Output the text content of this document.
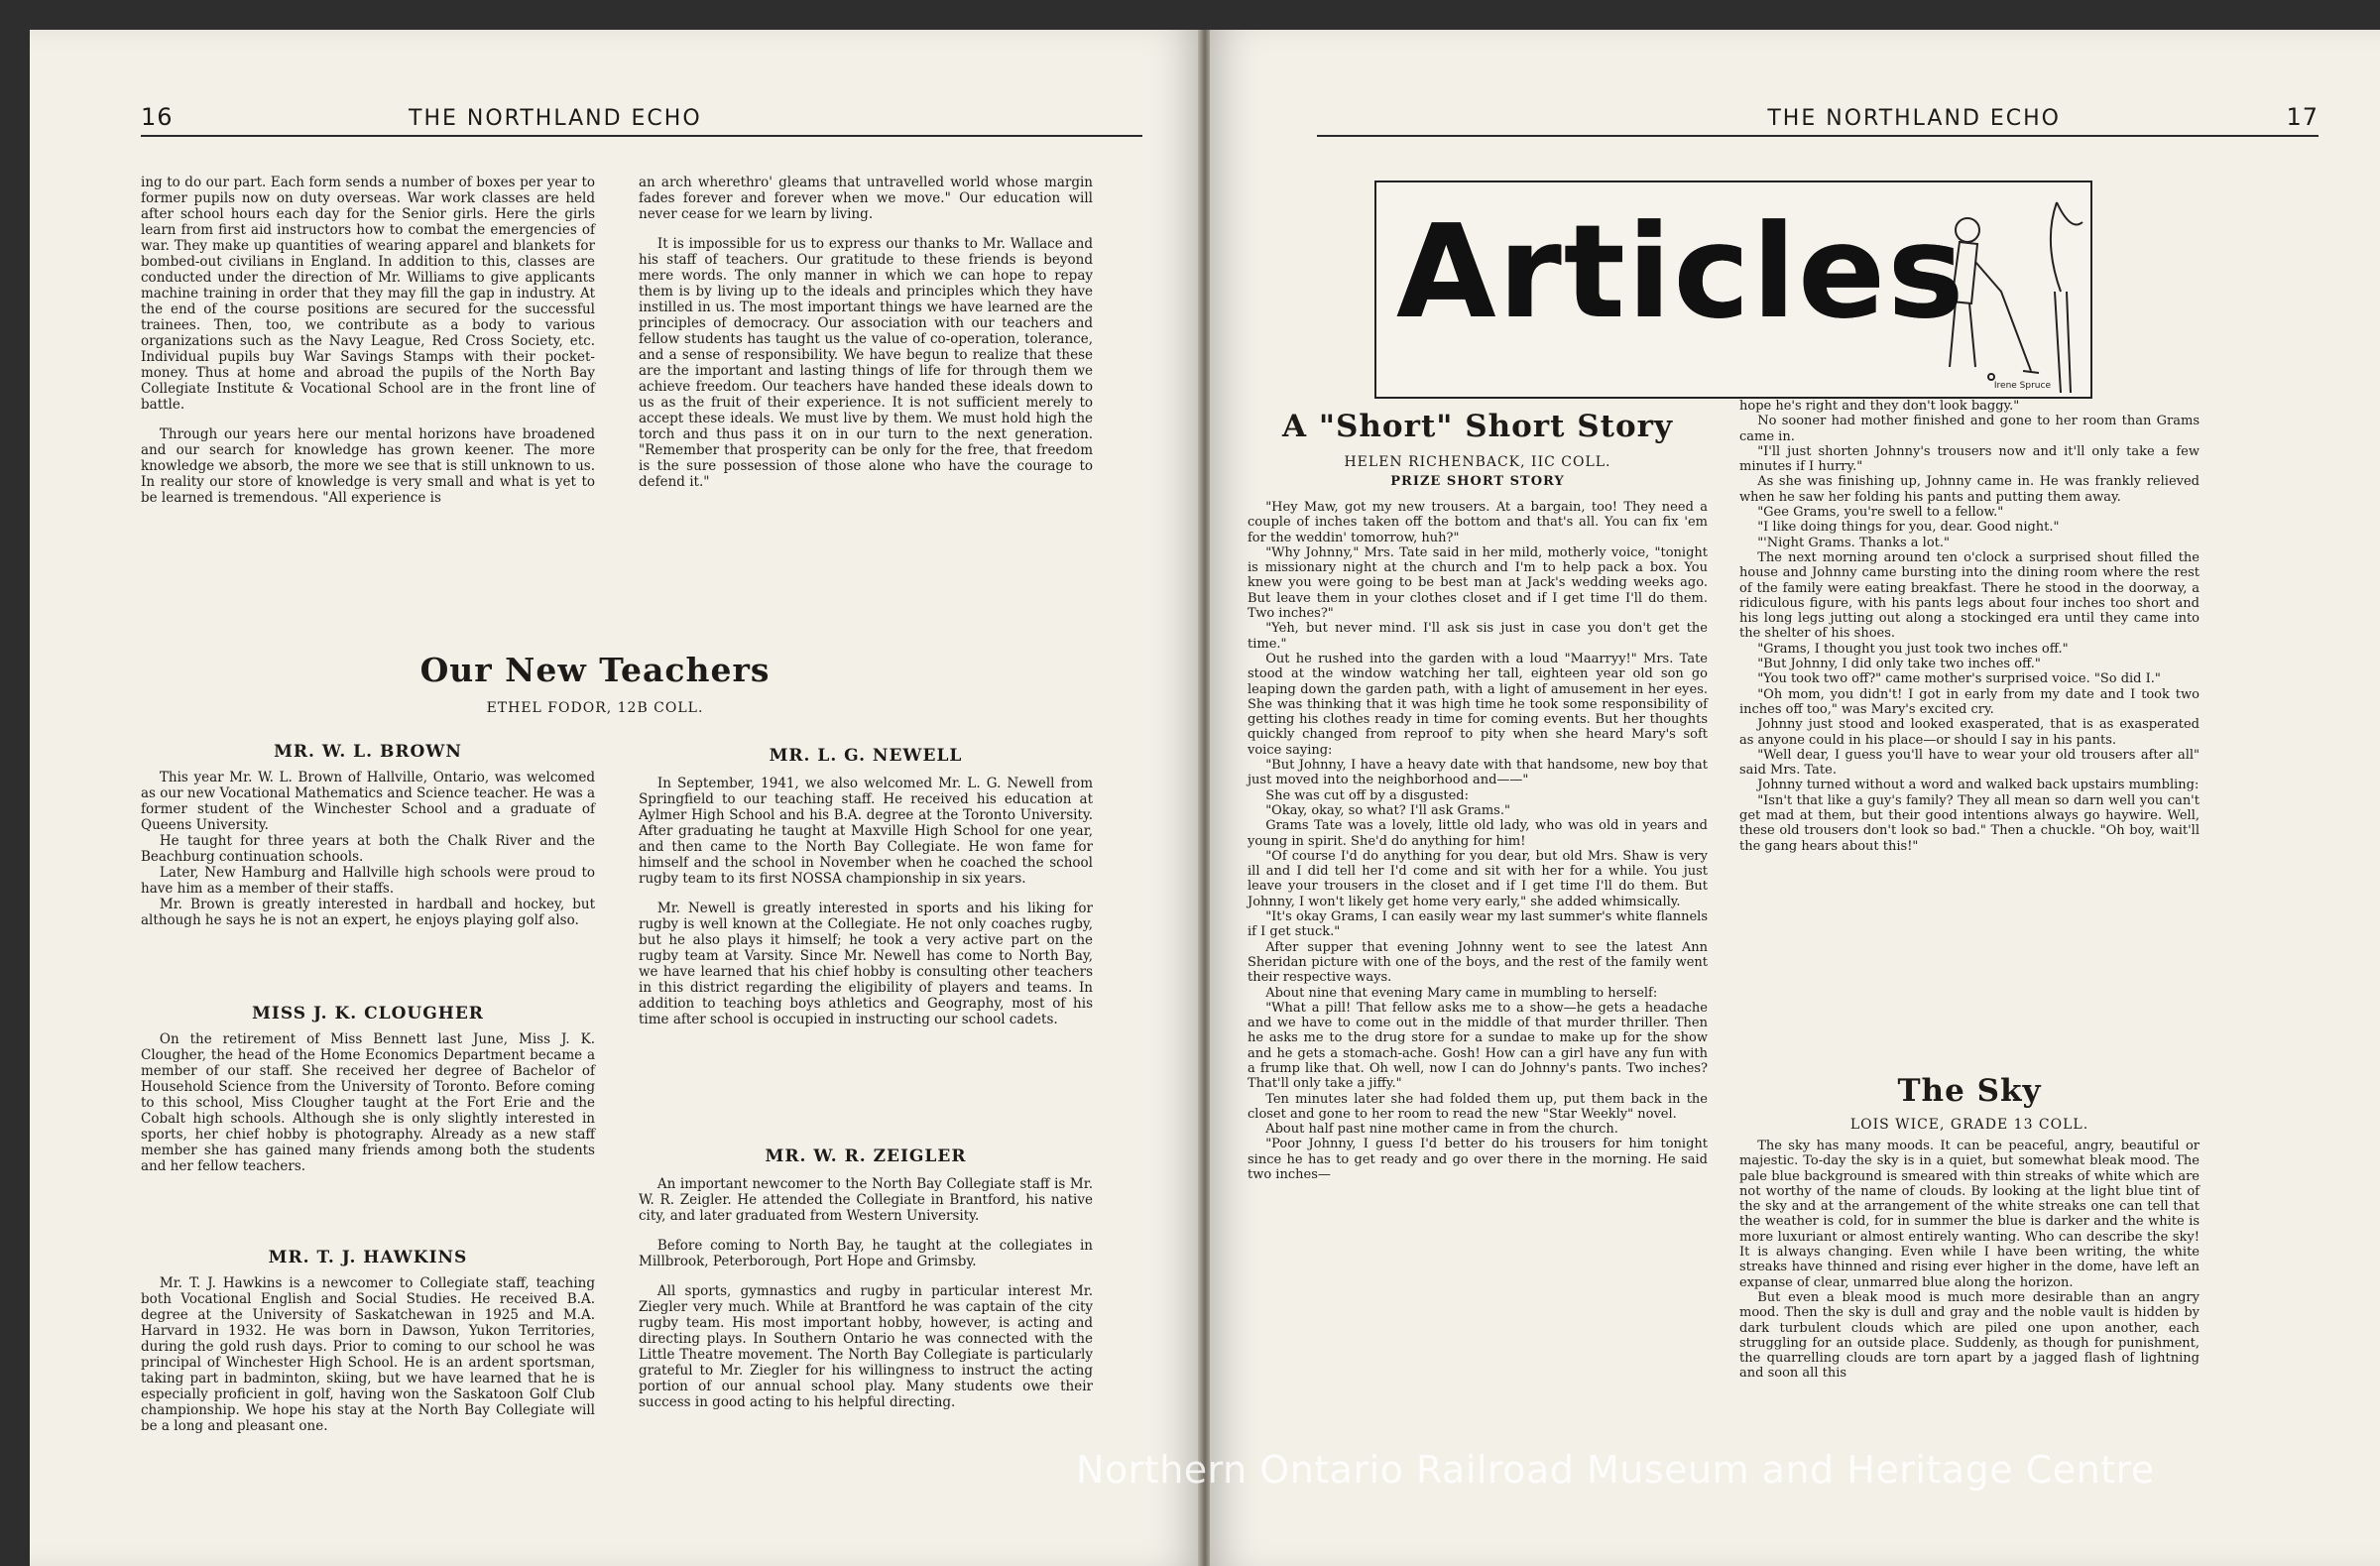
16	THE NORTHLAND ECHO

ing to do our part. Each form sends a number of boxes per year to former pupils now on duty overseas. War work classes are held after school hours each day for the Senior girls. Here the girls learn from first aid instructors how to combat the emergencies of war. They make up quantities of wearing apparel and blankets for bombed-out civilians in England. In addition to this, classes are conducted under the direction of Mr. Williams to give applicants machine training in order that they may fill the gap in industry. At the end of the course positions are secured for the successful trainees. Then, too, we contribute as a body to various organizations such as the Navy League, Red Cross Society, etc. Individual pupils buy War Savings Stamps with their pocket-money. Thus at home and abroad the pupils of the North Bay Collegiate Institute & Vocational School are in the front line of battle.

Through our years here our mental horizons have broadened and our search for knowledge has grown keener. The more knowledge we absorb, the more we see that is still unknown to us. In reality our store of knowledge is very small and what is yet to be learned is tremendous. "All experience is

an arch wherethro' gleams that untravelled world whose margin fades forever and forever when we move." Our education will never cease for we learn by living.

It is impossible for us to express our thanks to Mr. Wallace and his staff of teachers. Our gratitude to these friends is beyond mere words. The only manner in which we can hope to repay them is by living up to the ideals and principles which they have instilled in us. The most important things we have learned are the principles of democracy. Our association with our teachers and fellow students has taught us the value of co-operation, tolerance, and a sense of responsibility. We have begun to realize that these are the important and lasting things of life for through them we achieve freedom. Our teachers have handed these ideals down to us as the fruit of their experience. It is not sufficient merely to accept these ideals. We must live by them. We must hold high the torch and thus pass it on in our turn to the next generation. "Remember that prosperity can be only for the free, that freedom is the sure possession of those alone who have the courage to defend it."

Our New Teachers
ETHEL FODOR, 12B COLL.
MR. W. L. BROWN

This year Mr. W. L. Brown of Hallville, Ontario, was welcomed as our new Vocational Mathematics and Science teacher. He was a former student of the Winchester School and a graduate of Queens University.

He taught for three years at both the Chalk River and the Beachburg continuation schools.

Later, New Hamburg and Hallville high schools were proud to have him as a member of their staffs.

Mr. Brown is greatly interested in hardball and hockey, but although he says he is not an expert, he enjoys playing golf also.

MISS J. K. CLOUGHER

On the retirement of Miss Bennett last June, Miss J. K. Clougher, the head of the Home Economics Department became a member of our staff. She received her degree of Bachelor of Household Science from the University of Toronto. Before coming to this school, Miss Clougher taught at the Fort Erie and the Cobalt high schools. Although she is only slightly interested in sports, her chief hobby is photography. Already as a new staff member she has gained many friends among both the students and her fellow teachers.

MR. T. J. HAWKINS

Mr. T. J. Hawkins is a newcomer to Collegiate staff, teaching both Vocational English and Social Studies. He received B.A. degree at the University of Saskatchewan in 1925 and M.A. Harvard in 1932. He was born in Dawson, Yukon Territories, during the gold rush days. Prior to coming to our school he was principal of Winchester High School. He is an ardent sportsman, taking part in badminton, skiing, but we have learned that he is especially proficient in golf, having won the Saskatoon Golf Club championship. We hope his stay at the North Bay Collegiate will be a long and pleasant one.

MR. L. G. NEWELL

In September, 1941, we also welcomed Mr. L. G. Newell from Springfield to our teaching staff. He received his education at Aylmer High School and his B.A. degree at the Toronto University. After graduating he taught at Maxville High School for one year, and then came to the North Bay Collegiate. He won fame for himself and the school in November when he coached the school rugby team to its first NOSSA championship in six years.

Mr. Newell is greatly interested in sports and his liking for rugby is well known at the Collegiate. He not only coaches rugby, but he also plays it himself; he took a very active part on the rugby team at Varsity. Since Mr. Newell has come to North Bay, we have learned that his chief hobby is consulting other teachers in this district regarding the eligibility of players and teams. In addition to teaching boys athletics and Geography, most of his time after school is occupied in instructing our school cadets.

MR. W. R. ZEIGLER

An important newcomer to the North Bay Collegiate staff is Mr. W. R. Zeigler. He attended the Collegiate in Brantford, his native city, and later graduated from Western University.

Before coming to North Bay, he taught at the collegiates in Millbrook, Peterborough, Port Hope and Grimsby.

All sports, gymnastics and rugby in particular interest Mr. Ziegler very much. While at Brantford he was captain of the city rugby team. His most important hobby, however, is acting and directing plays. In Southern Ontario he was connected with the Little Theatre movement. The North Bay Collegiate is particularly grateful to Mr. Ziegler for his willingness to instruct the acting portion of our annual school play. Many students owe their success in good acting to his helpful directing.

THE NORTHLAND ECHO	17
Articles
Irene Spruce
A "Short" Short Story
HELEN RICHENBACK, IIC COLL.
PRIZE SHORT STORY

"Hey Maw, got my new trousers. At a bargain, too! They need a couple of inches taken off the bottom and that's all. You can fix 'em for the weddin' tomorrow, huh?"

"Why Johnny," Mrs. Tate said in her mild, motherly voice, "tonight is missionary night at the church and I'm to help pack a box. You knew you were going to be best man at Jack's wedding weeks ago. But leave them in your clothes closet and if I get time I'll do them. Two inches?"

"Yeh, but never mind. I'll ask sis just in case you don't get the time."

Out he rushed into the garden with a loud "Maarryy!" Mrs. Tate stood at the window watching her tall, eighteen year old son go leaping down the garden path, with a light of amusement in her eyes. She was thinking that it was high time he took some responsibility of getting his clothes ready in time for coming events. But her thoughts quickly changed from reproof to pity when she heard Mary's soft voice saying:

"But Johnny, I have a heavy date with that handsome, new boy that just moved into the neighborhood and——"

She was cut off by a disgusted:

"Okay, okay, so what? I'll ask Grams."

Grams Tate was a lovely, little old lady, who was old in years and young in spirit. She'd do anything for him!

"Of course I'd do anything for you dear, but old Mrs. Shaw is very ill and I did tell her I'd come and sit with her for a while. You just leave your trousers in the closet and if I get time I'll do them. But Johnny, I won't likely get home very early," she added whimsically.

"It's okay Grams, I can easily wear my last summer's white flannels if I get stuck."

After supper that evening Johnny went to see the latest Ann Sheridan picture with one of the boys, and the rest of the family went their respective ways.

About nine that evening Mary came in mumbling to herself:

"What a pill! That fellow asks me to a show—he gets a headache and we have to come out in the middle of that murder thriller. Then he asks me to the drug store for a sundae to make up for the show and he gets a stomach-ache. Gosh! How can a girl have any fun with a frump like that. Oh well, now I can do Johnny's pants. Two inches? That'll only take a jiffy."

Ten minutes later she had folded them up, put them back in the closet and gone to her room to read the new "Star Weekly" novel.

About half past nine mother came in from the church.

"Poor Johnny, I guess I'd better do his trousers for him tonight since he has to get ready and go over there in the morning. He said two inches—

hope he's right and they don't look baggy."

No sooner had mother finished and gone to her room than Grams came in.

"I'll just shorten Johnny's trousers now and it'll only take a few minutes if I hurry."

As she was finishing up, Johnny came in. He was frankly relieved when he saw her folding his pants and putting them away.

"Gee Grams, you're swell to a fellow."

"I like doing things for you, dear. Good night."

"'Night Grams. Thanks a lot."

The next morning around ten o'clock a surprised shout filled the house and Johnny came bursting into the dining room where the rest of the family were eating breakfast. There he stood in the doorway, a ridiculous figure, with his pants legs about four inches too short and his long legs jutting out along a stockinged era until they came into the shelter of his shoes.

"Grams, I thought you just took two inches off."

"But Johnny, I did only take two inches off."

"You took two off?" came mother's surprised voice. "So did I."

"Oh mom, you didn't! I got in early from my date and I took two inches off too," was Mary's excited cry.

Johnny just stood and looked exasperated, that is as exasperated as anyone could in his place—or should I say in his pants.

"Well dear, I guess you'll have to wear your old trousers after all" said Mrs. Tate.

Johnny turned without a word and walked back upstairs mumbling:

"Isn't that like a guy's family? They all mean so darn well you can't get mad at them, but their good intentions always go haywire. Well, these old trousers don't look so bad." Then a chuckle. "Oh boy, wait'll the gang hears about this!"

The Sky
LOIS WICE, GRADE 13 COLL.

The sky has many moods. It can be peaceful, angry, beautiful or majestic. To-day the sky is in a quiet, but somewhat bleak mood. The pale blue background is smeared with thin streaks of white which are not worthy of the name of clouds. By looking at the light blue tint of the sky and at the arrangement of the white streaks one can tell that the weather is cold, for in summer the blue is darker and the white is more luxuriant or almost entirely wanting. Who can describe the sky! It is always changing. Even while I have been writing, the white streaks have thinned and rising ever higher in the dome, have left an expanse of clear, unmarred blue along the horizon.

But even a bleak mood is much more desirable than an angry mood. Then the sky is dull and gray and the noble vault is hidden by dark turbulent clouds which are piled one upon another, each struggling for an outside place. Suddenly, as though for punishment, the quarrelling clouds are torn apart by a jagged flash of lightning and soon all this

Northern Ontario Railroad Museum and Heritage Centre
